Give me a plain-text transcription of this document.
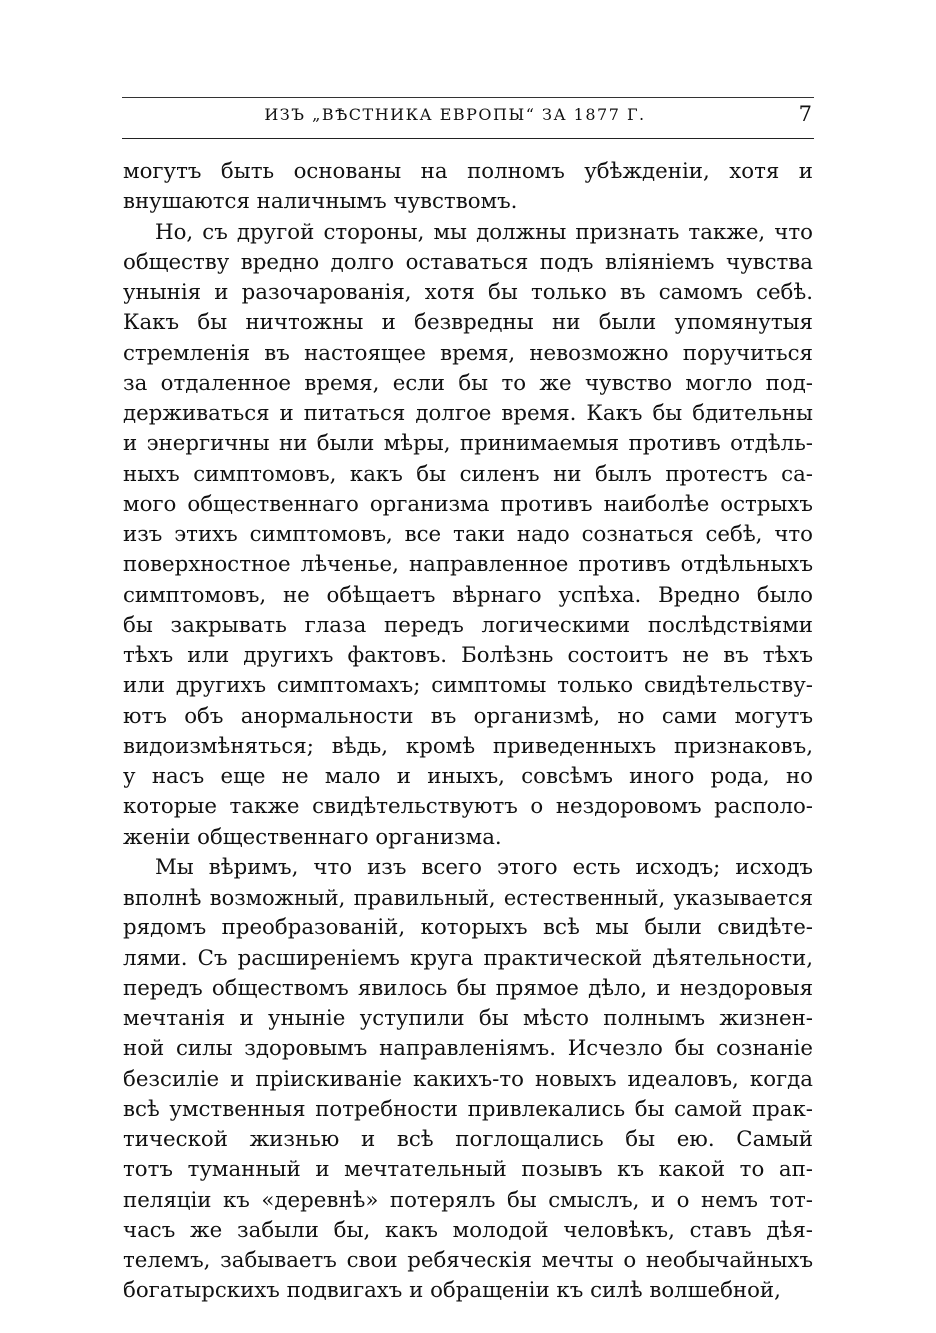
ИЗЪ „ВѢСТНИКА ЕВРОПЫ“ ЗА 1877 Г.	7
могутъ быть основаны на полномъ убѣжденіи, хотя и
внушаются наличнымъ чувствомъ.
Но, съ другой стороны, мы должны признать также, что
обществу вредно долго оставаться подъ вліяніемъ чувства
унынія и разочарованія, хотя бы только въ самомъ себѣ.
Какъ бы ничтожны и безвредны ни были упомянутыя
стремленія въ настоящее время, невозможно поручиться
за отдаленное время, если бы то же чувство могло под-
держиваться и питаться долгое время. Какъ бы бдительны
и энергичны ни были мѣры, принимаемыя противъ отдѣль-
ныхъ симптомовъ, какъ бы силенъ ни былъ протестъ са-
мого общественнаго организма противъ наиболѣе острыхъ
изъ этихъ симптомовъ, все таки надо сознаться себѣ, что
поверхностное лѣченье, направленное противъ отдѣльныхъ
симптомовъ, не обѣщаетъ вѣрнаго успѣха. Вредно было
бы закрывать глаза передъ логическими послѣдствіями
тѣхъ или другихъ фактовъ. Болѣзнь состоитъ не въ тѣхъ
или другихъ симптомахъ; симптомы только свидѣтельству-
ютъ объ анормальности въ организмѣ, но сами могутъ
видоизмѣняться; вѣдь, кромѣ приведенныхъ признаковъ,
у насъ еще не мало и иныхъ, совсѣмъ иного рода, но
которые также свидѣтельствуютъ о нездоровомъ располо-
женіи общественнаго организма.
Мы вѣримъ, что изъ всего этого есть исходъ; исходъ
вполнѣ возможный, правильный, естественный, указывается
рядомъ преобразованій, которыхъ всѣ мы были свидѣте-
лями. Съ расширеніемъ круга практической дѣятельности,
передъ обществомъ явилось бы прямое дѣло, и нездоровыя
мечтанія и уныніе уступили бы мѣсто полнымъ жизнен-
ной силы здоровымъ направленіямъ. Исчезло бы сознаніе
безсиліе и пріискиваніе какихъ-то новыхъ идеаловъ, когда
всѣ умственныя потребности привлекались бы самой прак-
тической жизнью и всѣ поглощались бы ею. Самый
тотъ туманный и мечтательный позывъ къ какой то ап-
пеляціи къ «деревнѣ» потерялъ бы смыслъ, и о немъ тот-
часъ же забыли бы, какъ молодой человѣкъ, ставъ дѣя-
телемъ, забываетъ свои ребяческія мечты о необычайныхъ
богатырскихъ подвигахъ и обращеніи къ силѣ волшебной,
